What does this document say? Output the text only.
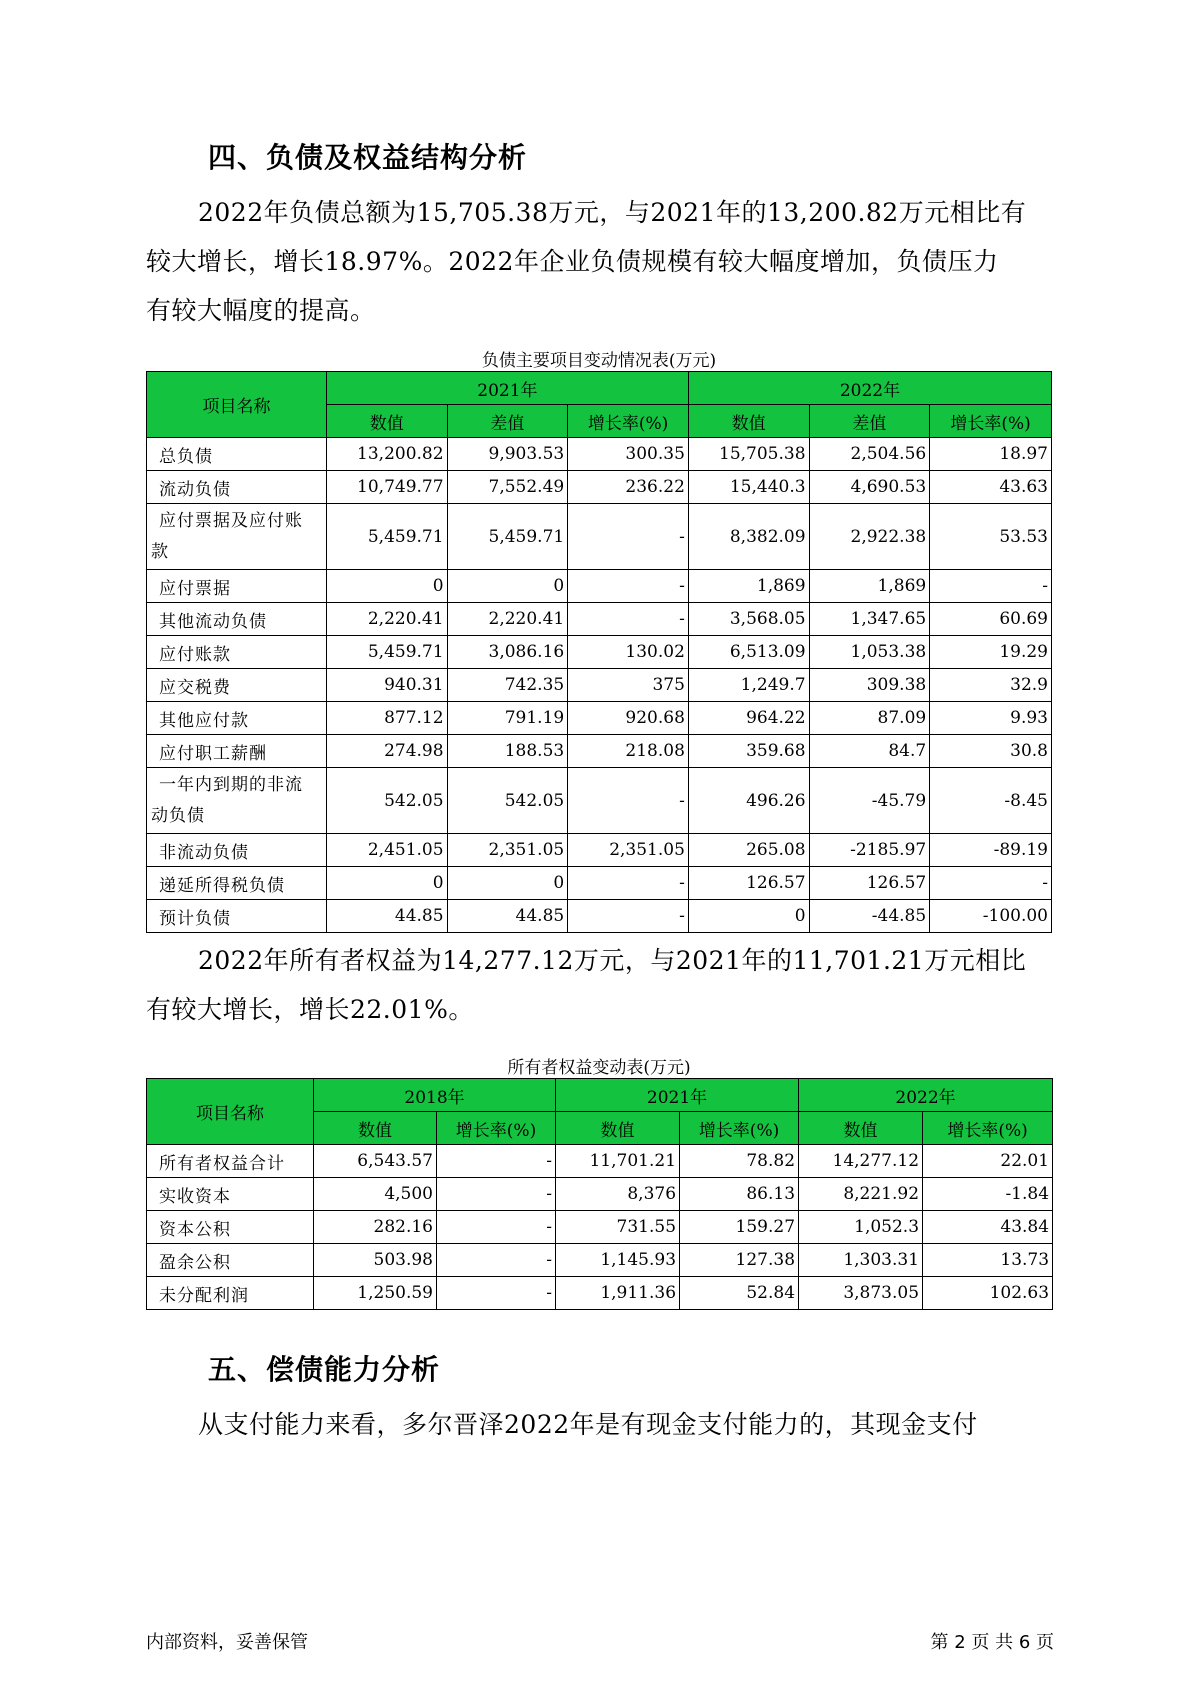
四、负债及权益结构分析

2022年负债总额为15,705.38万元，与2021年的13,200.82万元相比有

较大增长，增长18.97%。2022年企业负债规模有较大幅度增加，负债压力

有较大幅度的提高。

负债主要项目变动情况表(万元)
项目名称	2021年			2022年		
	数值	差值	增长率(%)	数值	差值	增长率(%)
总负债	13,200.82	9,903.53	300.35	15,705.38	2,504.56	18.97
流动负债	10,749.77	7,552.49	236.22	15,440.3	4,690.53	43.63
应付票据及应付账款	5,459.71	5,459.71	-	8,382.09	2,922.38	53.53
应付票据	0	0	-	1,869	1,869	-
其他流动负债	2,220.41	2,220.41	-	3,568.05	1,347.65	60.69
应付账款	5,459.71	3,086.16	130.02	6,513.09	1,053.38	19.29
应交税费	940.31	742.35	375	1,249.7	309.38	32.9
其他应付款	877.12	791.19	920.68	964.22	87.09	9.93
应付职工薪酬	274.98	188.53	218.08	359.68	84.7	30.8
一年内到期的非流动负债	542.05	542.05	-	496.26	-45.79	-8.45
非流动负债	2,451.05	2,351.05	2,351.05	265.08	-2185.97	-89.19
递延所得税负债	0	0	-	126.57	126.57	-
预计负债	44.85	44.85	-	0	-44.85	-100.00

2022年所有者权益为14,277.12万元，与2021年的11,701.21万元相比

有较大增长，增长22.01%。

所有者权益变动表(万元)
项目名称	2018年		2021年		2022年	
	数值	增长率(%)	数值	增长率(%)	数值	增长率(%)
所有者权益合计	6,543.57	-	11,701.21	78.82	14,277.12	22.01
实收资本	4,500	-	8,376	86.13	8,221.92	-1.84
资本公积	282.16	-	731.55	159.27	1,052.3	43.84
盈余公积	503.98	-	1,145.93	127.38	1,303.31	13.73
未分配利润	1,250.59	-	1,911.36	52.84	3,873.05	102.63
五、偿债能力分析

从支付能力来看，多尔晋泽2022年是有现金支付能力的，其现金支付

内部资料，妥善保管	第 2 页 共 6 页
